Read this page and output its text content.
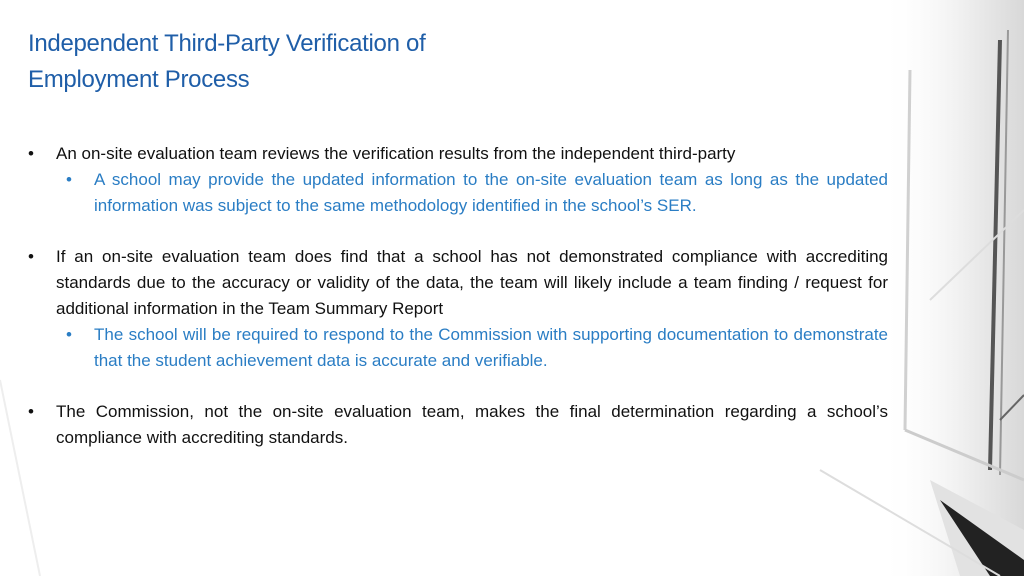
Independent Third-Party Verification of Employment Process
• An on-site evaluation team reviews the verification results from the independent third-party
• A school may provide the updated information to the on-site evaluation team as long as the updated information was subject to the same methodology identified in the school’s SER.
• If an on-site evaluation team does find that a school has not demonstrated compliance with accrediting standards due to the accuracy or validity of the data, the team will likely include a team finding / request for additional information in the Team Summary Report
• The school will be required to respond to the Commission with supporting documentation to demonstrate that the student achievement data is accurate and verifiable.
• The Commission, not the on-site evaluation team, makes the final determination regarding a school’s compliance with accrediting standards.
